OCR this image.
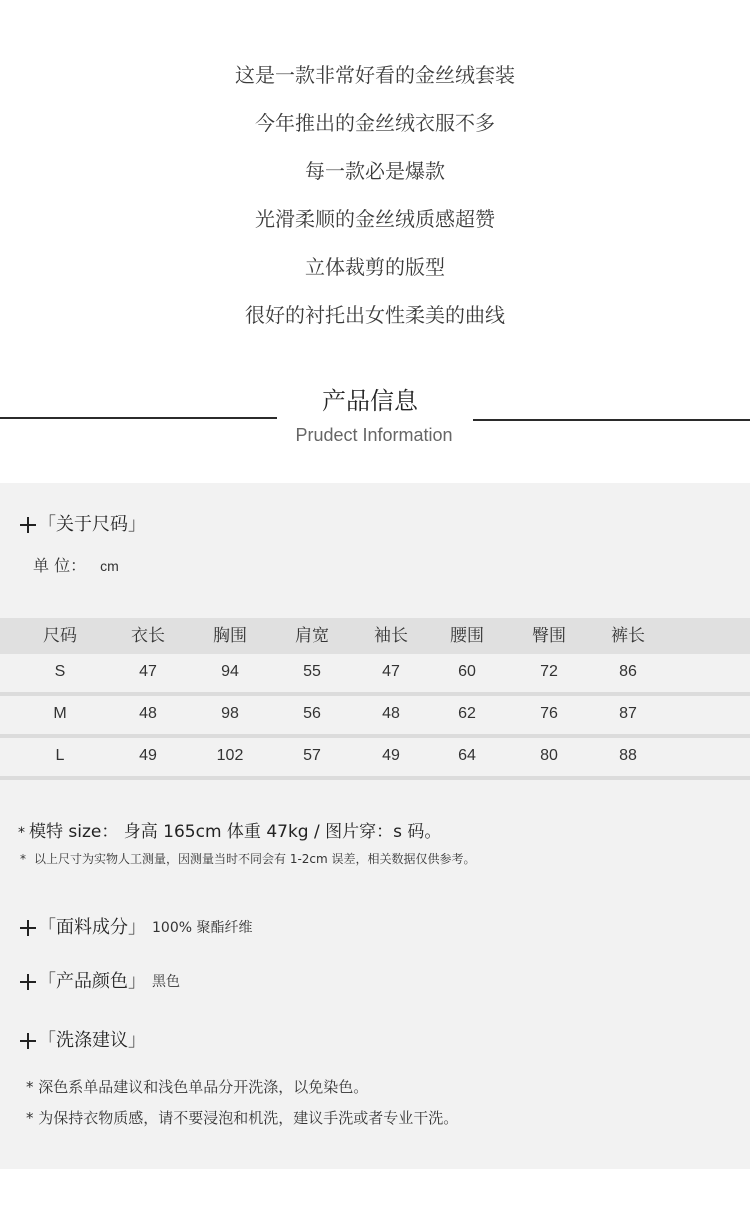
这是一款非常好看的金丝绒套装
今年推出的金丝绒衣服不多
每一款必是爆款
光滑柔顺的金丝绒质感超赞
立体裁剪的版型
很好的衬托出女性柔美的曲线
产品信息
Prudect Information
「关于尺码」
单 位： cm
尺码	衣长	胸围	肩宽	袖长	腰围	臀围	裤长
S	47	94	55	47	60	72	86
M	48	98	56	48	62	76	87
L	49	102	57	49	64	80	88
* 模特 size： 身高 165cm 体重 47kg / 图片穿：s 码。
* 以上尺寸为实物人工测量，因测量当时不同会有 1-2cm 误差，相关数据仅供参考。
「面料成分」 100% 聚酯纤维
「产品颜色」 黑色
「洗涤建议」
* 深色系单品建议和浅色单品分开洗涤，以免染色。
* 为保持衣物质感，请不要浸泡和机洗，建议手洗或者专业干洗。
